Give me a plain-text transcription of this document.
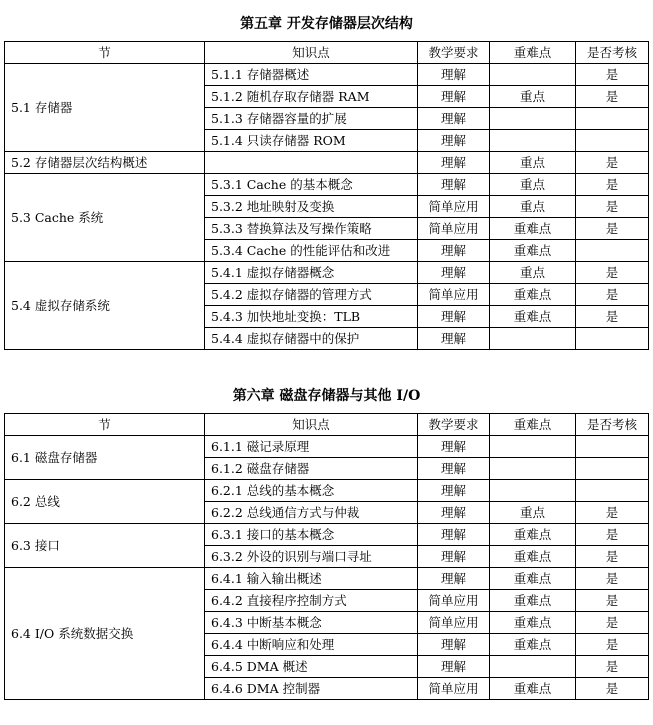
第五章 开发存储器层次结构
节	知识点	教学要求	重难点	是否考核
5.1 存储器	5.1.1 存储器概述	理解		是
	5.1.2 随机存取存储器 RAM	理解	重点	是
	5.1.3 存储器容量的扩展	理解		
	5.1.4 只读存储器 ROM	理解		
5.2 存储器层次结构概述		理解	重点	是
5.3 Cache 系统	5.3.1 Cache 的基本概念	理解	重点	是
	5.3.2 地址映射及变换	简单应用	重点	是
	5.3.3 替换算法及写操作策略	简单应用	重难点	是
	5.3.4 Cache 的性能评估和改进	理解	重难点	
5.4 虚拟存储系统	5.4.1 虚拟存储器概念	理解	重点	是
	5.4.2 虚拟存储器的管理方式	简单应用	重难点	是
	5.4.3 加快地址变换：TLB	理解	重难点	是
	5.4.4 虚拟存储器中的保护	理解		
第六章 磁盘存储器与其他 I/O
节	知识点	教学要求	重难点	是否考核
6.1 磁盘存储器	6.1.1 磁记录原理	理解		
	6.1.2 磁盘存储器	理解		
6.2 总线	6.2.1 总线的基本概念	理解		
	6.2.2 总线通信方式与仲裁	理解	重点	是
6.3 接口	6.3.1 接口的基本概念	理解	重难点	是
	6.3.2 外设的识别与端口寻址	理解	重难点	是
6.4 I/O 系统数据交换	6.4.1 输入输出概述	理解	重难点	是
	6.4.2 直接程序控制方式	简单应用	重难点	是
	6.4.3 中断基本概念	简单应用	重难点	是
	6.4.4 中断响应和处理	理解	重难点	是
	6.4.5 DMA 概述	理解		是
	6.4.6 DMA 控制器	简单应用	重难点	是
